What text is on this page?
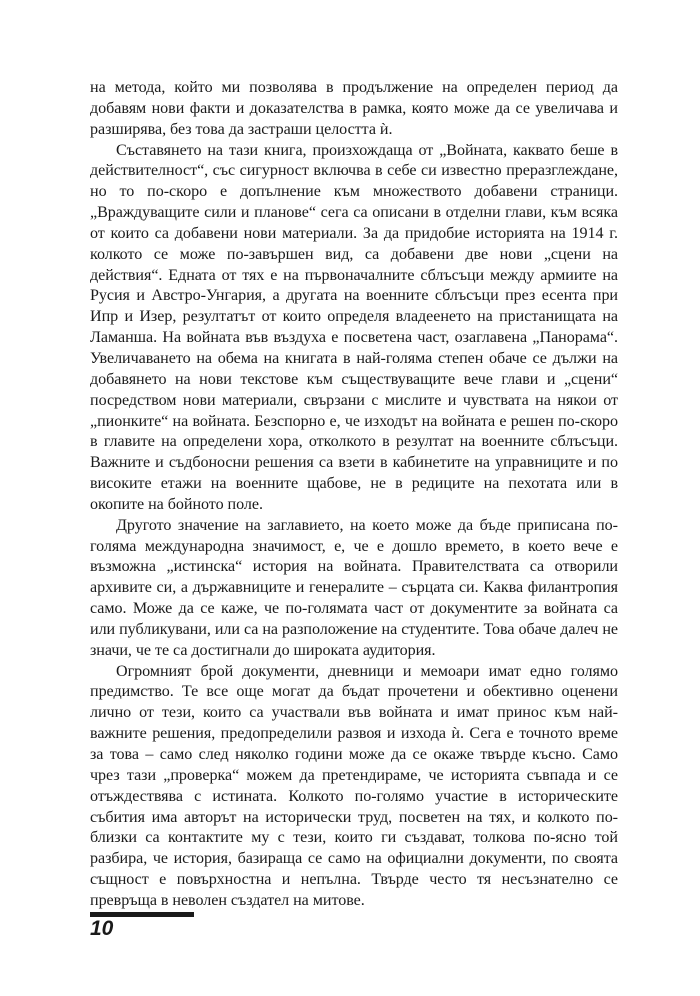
на метода, който ми позволява в продължение на определен период да добавям нови факти и доказателства в рамка, която може да се увеличава и разширява, без това да застраши целостта ѝ.

Съставянето на тази книга, произхождаща от „Войната, каквато беше в действителност“, със сигурност включва в себе си известно преразглеждане, но то по-скоро е допълнение към множеството добавени страници. „Враждуващите сили и планове“ сега са описани в отделни глави, към всяка от които са добавени нови материали. За да придобие историята на 1914 г. колкото се може по-завършен вид, са добавени две нови „сцени на действия“. Едната от тях е на първоначалните сблъсъци между армиите на Русия и Австро-Унгария, а другата на военните сблъсъци през есента при Ипр и Изер, резултатът от които определя владеенето на пристанищата на Ламанша. На войната във въздуха е посветена част, озаглавена „Панорама“. Увеличаването на обема на книгата в най-голяма степен обаче се дължи на добавянето на нови текстове към съществуващите вече глави и „сцени“ посредством нови материали, свързани с мислите и чувствата на някои от „пионките“ на войната. Безспорно е, че изходът на войната е решен по-скоро в главите на определени хора, отколкото в резултат на военните сблъсъци. Важните и съдбоносни решения са взети в кабинетите на управниците и по високите етажи на военните щабове, не в редиците на пехотата или в окопите на бойното поле.

Другото значение на заглавието, на което може да бъде приписана по-голяма международна значимост, е, че е дошло времето, в което вече е възможна „истинска“ история на войната. Правителствата са отворили архивите си, а държавниците и генералите – сърцата си. Каква филантропия само. Може да се каже, че по-голямата част от документите за войната са или публикувани, или са на разположение на студентите. Това обаче далеч не значи, че те са достигнали до широката аудитория.

Огромният брой документи, дневници и мемоари имат едно голямо предимство. Те все още могат да бъдат прочетени и обективно оценени лично от тези, които са участвали във войната и имат принос към най-важните решения, предопределили развоя и изхода ѝ. Сега е точното време за това – само след няколко години може да се окаже твърде късно. Само чрез тази „проверка“ можем да претендираме, че историята съвпада и се отъждествява с истината. Колкото по-голямо участие в историческите събития има авторът на исторически труд, посветен на тях, и колкото по-близки са контактите му с тези, които ги създават, толкова по-ясно той разбира, че история, базираща се само на официални документи, по своята същност е повърхностна и непълна. Твърде често тя несъзнателно се превръща в неволен създател на митове.

10
